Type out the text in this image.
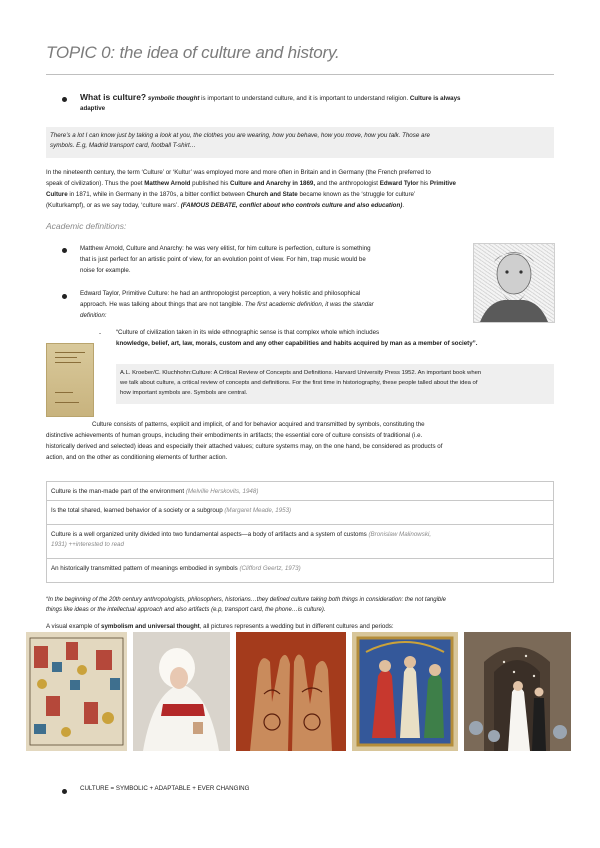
TOPIC 0: the idea of culture and history.

What is culture? symbolic thought is important to understand culture, and it is important to understand religion. Culture is always

adaptive

There’s a lot I can know just by taking a look at you, the clothes you are wearing, how you behave, how you move, how you talk. Those are

symbols. E.g, Madrid transport card, football T-shirt…

In the nineteenth century, the term ‘Culture’ or ‘Kultur’ was employed more and more often in Britain and in Germany (the French preferred to

speak of civilization). Thus the poet Matthew Arnold published his Culture and Anarchy in 1869, and the anthropologist Edward Tylor his Primitive

Culture in 1871, while in Germany in the 1870s, a bitter conflict between Church and State became known as the ‘struggle for culture’

(Kulturkampf), or as we say today, ‘culture wars’. (FAMOUS DEBATE, conflict about who controls culture and also education).

Academic definitions:

Matthew Arnold, Culture and Anarchy: he was very elitist, for him culture is perfection, culture is something

that is just perfect for an artistic point of view, for an evolution point of view. For him, trap music would be

noise for example.

Edward Taylor, Primitive Culture: he had an anthropologist perception, a very holistic and philosophical

approach. He was talking about things that are not tangible. The first academic definition, it was the standar

definition:

- “Culture of civilization taken in its wide ethnographic sense is that complex whole which includes

knowledge, belief, art, law, morals, custom and any other capabilities and habits acquired by man as a member of society”.

A.L. Kroeber/C. Kluchhohn:Culture: A Critical Review of Concepts and Definitions. Harvard University Press 1952. An important book when

we talk about culture, a critical review of concepts and definitions. For the first time in historiography, these people talled about the idea of

how important symbols are. Symbols are central.

Culture consists of patterns, explicit and implicit, of and for behavior acquired and transmitted by symbols, constituting the

distinctive achievements of human groups, including their embodiments in artifacts; the essential core of culture consists of traditional (i.e.

historically derived and selected) ideas and especially their attached values; culture systems may, on the one hand, be considered as products of

action, and on the other as conditioning elements of further action.

Culture is the man-made part of the environment (Melville Herskovits, 1948)
Is the total shared, learned behavior of a society or a subgroup (Margaret Meade, 1953)
Culture is a well organized unity divided into two fundamental aspects—a body of artifacts and a system of customs (Bronislaw Malinowski,
1931) ++interested to read
An historically transmitted pattern of meanings embodied in symbols (Clifford Geertz, 1973)

“In the beginning of the 20th century anthropologists, philosophers, historians…they defined culture taking both things in consideration: the not tangible

things like ideas or the intellectual approach and also artifacts (e.p, transport card, the phone…is culture).

A visual example of symbolism and universal thought, all pictures represents a wedding but in different cultures and periods:

CULTURE = SYMBOLIC + ADAPTABLE + EVER CHANGING
